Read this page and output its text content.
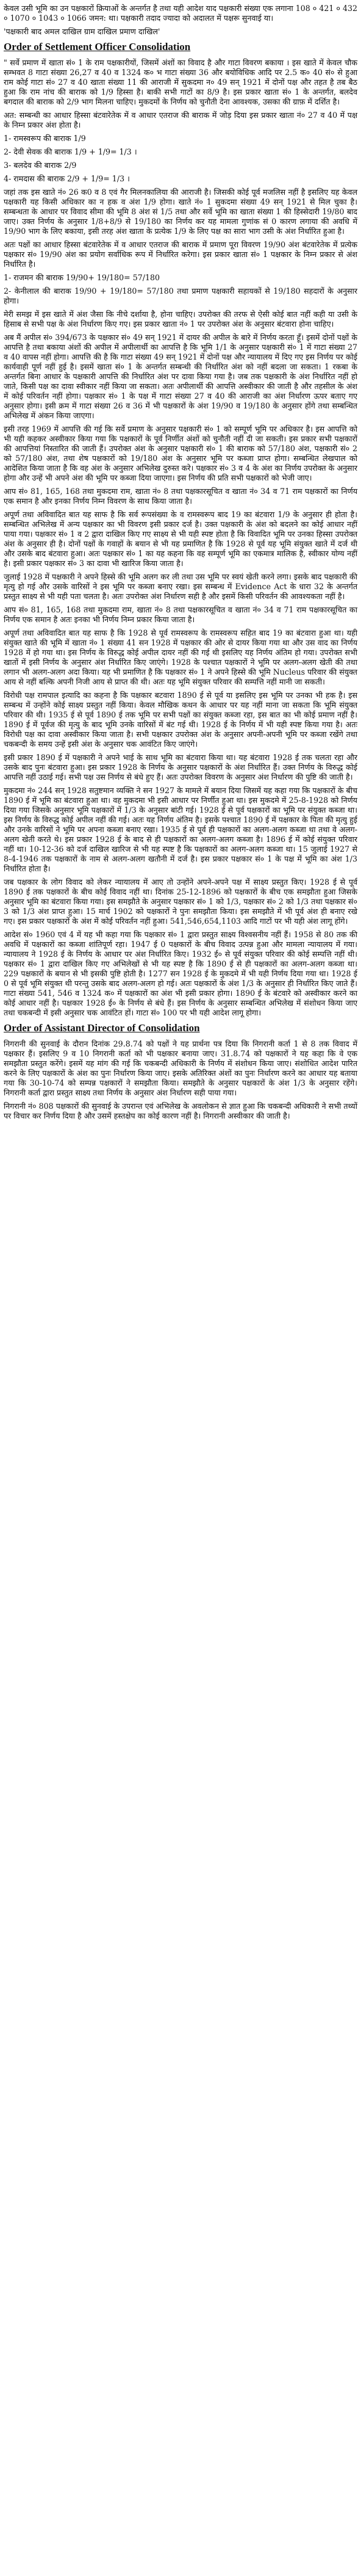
केवल उसी भूमि का उन पक्षकारों क्रियाओं के अन्तर्गत है तथा यही आदेश याद पक्षकारी संख्या एक लगाना 108 ० 421 ० 432 ० 1070 ० 1043 ० 1066 जमन: था। पक्षकारी तदाद ज्यादा को अदालत में पक्षरू सुनवाई या।

'पक्षकारी बाद अमल दाखिल ग्राम दाखिल प्रमाण दाखिल'

Order of Settlement Officer Consolidation

" सर्वे प्रमाण में खाता सं० 1 के राम पक्षकारीयों, जिसमें अंशों का विवाद है और गाटा विवरण बकाया । इस खाते में केवल चौक सम्भवत 8 गाटा संख्या 26,27 व 40 व 1324 क० भ गाटा संख्या 36 और बयोविधिक आदि पर 2.5 क० 40 सं० से हुआ राम कोई गाटा सं० 27 व 40 खाता संख्या 11 की आराजी में सुकदमा न० 49 सन् 1921 में दोनों पक्ष और तहत है तब बैठ हुआ कि राम नांच की बाराक को 1/9 हिस्सा है। बाकी सभी गाटों का 8/9 है। इस प्रकार खाता सं० 1 के अन्तर्गत, बलदेव बगदाल की बाराक को 2/9 भाग मिलना चाहिए। मुकदमों के निर्णय को चुनौती देना आवश्यक, उसका की ग्राफ़ में दर्शित है।

अत: सम्बन्धी का आधार हिस्सा बंटवारेतेक में व आधार एतराज की बाराक में जोड़ दिया इस प्रकार खाता नं० 27 व 40 में पक्ष के निम्न प्रकार अंश होता है।

1- रामस्वरूप की बाराक 1/9

2- देवी सेवक की बाराक 1/9 + 1/9= 1/3 ।

3- बलदेव की बाराक 2/9

4- रामदास की बाराक 2/9 + 1/9= 1/3 ।

जहां तक इस खाते नं० 26 क0 व 8 एवं गैर मिलनकालिया की आराजी है। जिसकी कोई पूर्व मजलिस नहीं है इसलिए यह केवल पक्षकारी यह किसी अधिकार का न हक व अंश 1/9 होगा। खाते नं० 1 सुकदमा संख्या 49 सन् 1921 से मिल चुका है। सम्बन्धता के आधार पर विवाद सीमा की भूमि 8 अंश सं 1/5 तथा और सर्वे भूमि का खाता संख्या 1 की हिस्सेदारी 19/80 बाद जाए। उक्त निर्णय के अनुसार 1/8+8/9 से 19/180 का निर्णय कर यह मामला गुणांक सं 0 कारण लगाया की अवधि में 19/90 भाग के लिए बकाया, इसी तरह अंश खाता के प्रत्येक 1/9 के लिए पक्ष का सारा भाग उसी के अंश निर्धारित हुआ है।

अतः पक्षों का आधार हिस्सा बंटवारेतेक में व आधार एतराज की बाराक में प्रमाण पूरा विवरण 19/90 अंश बंटवारेतेक में प्रत्येक पक्षकार सं० 19/90 अंश का प्रयोग सर्वाधिक रूप में निर्धारित करेगा। इस प्रकार खाता सं० 1 पक्षकार के निम्न प्रकार से अंश निर्धारित है।

1- राजमन की बाराक 19/90+ 19/180= 57/180

2- केनीलाल की बाराक 19/90 + 19/180= 57/180 तथा प्रमाण पक्षकारी सहायकों से 19/180 सहदारों के अनुसार होगा।

मेरी समझ में इस खाते में अंश जैसा कि नीचे दर्शाया है, होना चाहिए। उपरोक्त की तरफ से ऐसी कोई बात नहीं कही या उसी के हिसाब से सभी पक्ष के अंश निर्धारण किए गए। इस प्रकार खाता नं० 1 पर उपरोक्त अंश के अनुसार बंटवारा होना चाहिए।

अब मैं अपील सं० 394/673 के पक्षकार सं० 49 सन् 1921 में दायर की अपील के बारे में निर्णय करता हूँ। इसमें दोनों पक्षों के आपत्ति है तथा बकाया अंशों की अपील में अपीलार्थी का आपत्ति है कि भूमि 1/1 के अनुसार पक्षकारी सं० 1 में गाटा संख्या 27 व 40 वापस नहीं होगा। आपत्ति की है कि गाटा संख्या 49 सन् 1921 में दोनों पक्ष और न्यायालय में दिए गए इस निर्णय पर कोई कार्यवाही पूर्ण नहीं हुई है। इसमें खाता सं० 1 के अन्तर्गत सम्बन्धी की निर्धारित अंश को नहीं बदला जा सकता। 1 रकबा के अन्तर्गत बिना आधार के पक्षकारी आपत्ति की निर्धारित अंश पर दावा किया गया है। जब तक पक्षकारी के अंश निर्धारित नहीं हो जाते, किसी पक्ष का दावा स्वीकार नहीं किया जा सकता। अतः अपीलार्थी की आपत्ति अस्वीकार की जाती है और तहसील के अंश में कोई परिवर्तन नहीं होगा। पक्षकार सं० 1 के पक्ष में गाटा संख्या 27 व 40 की आराजी का अंश निर्धारण ऊपर बताए गए अनुसार होगा। इसी क्रम में गाटा संख्या 26 व 36 में भी पक्षकारों के अंश 19/90 व 19/180 के अनुसार होंगे तथा सम्बन्धित अभिलेख में अंकन किया जाएगा।

इसी तरह 1969 में आपत्ति की गई कि सर्वे प्रमाण के अनुसार पक्षकारी सं० 1 को सम्पूर्ण भूमि पर अधिकार है। इस आपत्ति को भी यही कहकर अस्वीकार किया गया कि पक्षकारों के पूर्व निर्णीत अंशों को चुनौती नहीं दी जा सकती। इस प्रकार सभी पक्षकारों की आपत्तियां निस्तारित की जाती हैं। उपरोक्त अंश के अनुसार पक्षकारी सं० 1 की बाराक को 57/180 अंश, पक्षकारी सं० 2 को 57/180 अंश, तथा शेष पक्षकारों को 19/180 अंश के अनुसार भूमि पर कब्जा प्राप्त होगा। सम्बन्धित लेखपाल को आदेशित किया जाता है कि वह अंश के अनुसार अभिलेख दुरुस्त करे। पक्षकार सं० 3 व 4 के अंश का निर्णय उपरोक्त के अनुसार होगा और उन्हें भी अपने अंश की भूमि पर कब्जा दिया जाएगा। इस निर्णय की प्रति सभी पक्षकारों को भेजी जाए।

आप सं० 81, 165, 168 तथा मुकदमा राम, खाता नं० 8 तथा पक्षकारसूचित व खाता नं० 34 व 71 राम पक्षकारों का निर्णय एक समान है और इनका निर्णय निम्न विवरण के साथ किया जाता है।

अपूर्ण तथा अविवादित बात यह साफ है कि सर्व रूपसंख्या के व रामस्वरूप बाद 19 का बंटवारा 1/9 के अनुसार ही होता है। सम्बन्धित अभिलेख में अन्य पक्षकार का भी विवरण इसी प्रकार दर्ज है। उक्त पक्षकारी के अंश को बदलने का कोई आधार नहीं पाया गया। पक्षकार सं० 1 व 2 द्वारा दाखिल किए गए साक्ष्य से भी यही स्पष्ट होता है कि विवादित भूमि पर उनका हिस्सा उपरोक्त अंश के अनुसार ही है। दोनों पक्षों के गवाहों के बयान से भी यह प्रमाणित है कि 1928 से पूर्व यह भूमि संयुक्त खाते में दर्ज थी और उसके बाद बंटवारा हुआ। अतः पक्षकार सं० 1 का यह कहना कि वह सम्पूर्ण भूमि का एकमात्र मालिक है, स्वीकार योग्य नहीं है। इसी प्रकार पक्षकार सं० 3 का दावा भी खारिज किया जाता है।

जुलाई 1928 में पक्षकारी ने अपने हिस्से की भूमि अलग कर ली तथा उस भूमि पर स्वयं खेती करने लगा। इसके बाद पक्षकारी की मृत्यु हो गई और उसके वारिसों ने इस भूमि पर कब्जा बनाए रखा। इस सम्बन्ध में Evidence Act के धारा 32 के अन्तर्गत प्रस्तुत साक्ष्य से भी यही पता चलता है। अतः उपरोक्त अंश निर्धारण सही है और इसमें किसी परिवर्तन की आवश्यकता नहीं है।

आप सं० 81, 165, 168 तथा मुकदमा राम, खाता नं० 8 तथा पक्षकारसूचित व खाता नं० 34 व 71 राम पक्षकारसूचित का निर्णय एक समान है अतः इनका भी निर्णय निम्न प्रकार किया जाता है।

अपूर्ण तथा अविवादित बात यह साफ है कि 1928 से पूर्व रामस्वरूप के रामस्वरूप सहित बाद 19 का बंटवारा हुआ था। यही संयुक्त खाते की भूमि में खाता नं० 1 संख्या 41 सन 1928 में पक्षकार की ओर से दायर किया गया था और उस वाद का निर्णय 1928 में हो गया था। इस निर्णय के विरुद्ध कोई अपील दायर नहीं की गई थी इसलिए यह निर्णय अंतिम हो गया। उपरोक्त सभी खातों में इसी निर्णय के अनुसार अंश निर्धारित किए जाएंगे। 1928 के पश्चात पक्षकारों ने भूमि पर अलग-अलग खेती की तथा लगान भी अलग-अलग अदा किया। यह भी प्रमाणित है कि पक्षकार सं० 1 ने अपने हिस्से की भूमि Nucleus परिवार की संयुक्त आय से नहीं बल्कि अपनी निजी आय से प्राप्त की थी। अतः यह भूमि संयुक्त परिवार की सम्पत्ति नहीं मानी जा सकती।

विरोधी पक्ष रामपाल इत्यादि का कहना है कि पक्षकार बटवारा 1890 ई से पूर्व या इसलिए इस भूमि पर उनका भी हक है। इस सम्बन्ध में उन्होंने कोई साक्ष्य प्रस्तुत नहीं किया। केवल मौखिक कथन के आधार पर यह नहीं माना जा सकता कि भूमि संयुक्त परिवार की थी। 1935 ई से पूर्व 1890 ई तक भूमि पर सभी पक्षों का संयुक्त कब्जा रहा, इस बात का भी कोई प्रमाण नहीं है। 1890 ई में पूर्वज की मृत्यु के बाद भूमि उनके वारिसों में बंट गई थी। 1928 ई के निर्णय में भी यही स्पष्ट किया गया है। अतः विरोधी पक्ष का दावा अस्वीकार किया जाता है। सभी पक्षकार उपरोक्त अंश के अनुसार अपनी-अपनी भूमि पर कब्जा रखेंगे तथा चकबन्दी के समय उन्हें इसी अंश के अनुसार चक आवंटित किए जाएंगे।

इसी प्रकार 1890 ई में पक्षकारी ने अपने भाई के साथ भूमि का बंटवारा किया था। यह बंटवारा 1928 ई तक चलता रहा और उसके बाद पुनः बंटवारा हुआ। इस प्रकार 1928 के निर्णय के अनुसार पक्षकारों के अंश निर्धारित हैं। उक्त निर्णय के विरुद्ध कोई आपत्ति नहीं उठाई गई। सभी पक्ष उस निर्णय से बंधे हुए हैं। अतः उपरोक्त विवरण के अनुसार अंश निर्धारण की पुष्टि की जाती है।

मुकदमा नं० 244 सन् 1928 सतुष्टमान व्यक्ति ने सन 1927 के मामले में बयान दिया जिसमें यह कहा गया कि पक्षकारों के बीच 1890 ई में भूमि का बंटवारा हुआ था। वह मुकदमा भी इसी आधार पर निर्णीत हुआ था। इस मुकदमे में 25-8-1928 को निर्णय दिया गया जिसके अनुसार भूमि पक्षकारों में 1/3 के अनुसार बांटी गई। 1928 ई से पूर्व पक्षकारों का भूमि पर संयुक्त कब्जा था। इस निर्णय के विरुद्ध कोई अपील नहीं की गई। अतः यह निर्णय अंतिम है। इसके पश्चात 1890 ई में पक्षकार के पिता की मृत्यु हुई और उनके वारिसों ने भूमि पर अपना कब्जा बनाए रखा। 1935 ई से पूर्व ही पक्षकारों का अलग-अलग कब्जा था तथा वे अलग-अलग खेती करते थे। इस प्रकार 1928 ई के बाद से ही पक्षकारों का अलग-अलग कब्जा है। 1896 ई में कोई संयुक्त परिवार नहीं था। 10-12-36 को दर्ज दाखिल खारिज से भी यह स्पष्ट है कि पक्षकारों का अलग-अलग कब्जा था। 15 जुलाई 1927 से 8-4-1946 तक पक्षकारों के नाम से अलग-अलग खतौनी में दर्ज है। इस प्रकार पक्षकार सं० 1 के पक्ष में भूमि का अंश 1/3 निर्धारित होता है।

जब पक्षकार के लोग विवाद को लेकर न्यायालय में आए तो उन्होंने अपने-अपने पक्ष में साक्ष्य प्रस्तुत किए। 1928 ई से पूर्व 1890 ई तक पक्षकारों के बीच कोई विवाद नहीं था। दिनांक 25-12-1896 को पक्षकारों के बीच एक समझौता हुआ जिसके अनुसार भूमि का बंटवारा किया गया। इस समझौते के अनुसार पक्षकार सं० 1 को 1/3, पक्षकार सं० 2 को 1/3 तथा पक्षकार सं० 3 को 1/3 अंश प्राप्त हुआ। 15 मार्च 1902 को पक्षकारों ने पुनः समझौता किया। इस समझौते में भी पूर्व अंश ही बनाए रखे गए। इस प्रकार पक्षकारों के अंश में कोई परिवर्तन नहीं हुआ। 541,546,654,1103 आदि गाटों पर भी यही अंश लागू होंगे।

आदेश सं० 1960 एवं 4 में यह भी कहा गया कि पक्षकार सं० 1 द्वारा प्रस्तुत साक्ष्य विश्वसनीय नहीं हैं। 1958 से 80 तक की अवधि में पक्षकारों का कब्जा शांतिपूर्ण रहा। 1947 ई 0 पक्षकारों के बीच विवाद उत्पन्न हुआ और मामला न्यायालय में गया। न्यायालय ने 1928 ई के निर्णय के आधार पर अंश निर्धारित किए। 1932 ई० से पूर्व संयुक्त परिवार की कोई सम्पत्ति नहीं थी। पक्षकार सं० 1 द्वारा दाखिल किए गए अभिलेखों से भी यह स्पष्ट है कि 1890 ई से ही पक्षकारों का अलग-अलग कब्जा था। 229 पक्षकारों के बयान से भी इसकी पुष्टि होती है। 1277 सन 1928 ई के मुकदमे में भी यही निर्णय दिया गया था। 1928 ई 0 से पूर्व भूमि संयुक्त थी परन्तु उसके बाद अलग-अलग हो गई। अतः पक्षकारों के अंश 1/3 के अनुसार ही निर्धारित किए जाते हैं। गाटा संख्या 541, 546 व 1324 क० में पक्षकारों का अंश भी इसी प्रकार होगा। 1890 ई के बंटवारे को अस्वीकार करने का कोई आधार नहीं है। पक्षकार 1928 ई० के निर्णय से बंधे हैं। इस निर्णय के अनुसार सम्बन्धित अभिलेख में संशोधन किया जाए तथा चकबन्दी में इसी अनुसार चक आवंटित हों। गाटा सं० 100 पर भी यही आदेश लागू होगा।

Order of Assistant Director of Consolidation

निगरानी की सुनवाई के दौरान दिनांक 29.8.74 को पक्षों ने यह प्रार्थना पत्र दिया कि निगरानी कर्ता 1 से 8 तक विवाद में पक्षकार हैं। इसलिए 9 व 10 निगरानी कर्ता को भी पक्षकार बनाया जाए। 31.8.74 को पक्षकारों ने यह कहा कि वे एक समझौता प्रस्तुत करेंगे। इसमें यह मांग की गई कि चकबन्दी अधिकारी के निर्णय में संशोधन किया जाए। संशोधित आदेश पारित करने के लिए पक्षकारों के अंश का पुनः निर्धारण किया जाए। इसके अतिरिक्त अंशों का पुनः निर्धारण करने का आधार यह बताया गया कि 30-10-74 को सम्पन्न पक्षकारों ने समझौता किया। समझौते के अनुसार पक्षकारों के अंश 1/3 के अनुसार रहेंगे। निगरानी कर्ता द्वारा प्रस्तुत साक्ष्य तथा निर्णय के अनुसार अंश निर्धारण सही पाया गया।

निगरानी नं० 808 पक्षकारों की सुनवाई के उपरान्त एवं अभिलेख के अवलोकन से ज्ञात हुआ कि चकबन्दी अधिकारी ने सभी तथ्यों पर विचार कर निर्णय दिया है और उसमें हस्तक्षेप का कोई कारण नहीं है। निगरानी अस्वीकार की जाती है।
